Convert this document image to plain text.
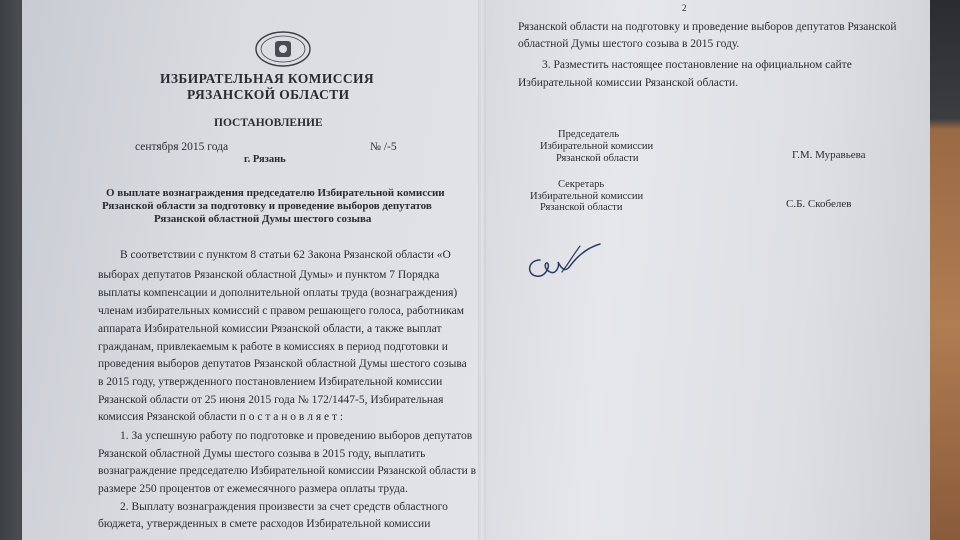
ИЗБИРАТЕЛЬНАЯ КОМИССИЯ
РЯЗАНСКОЙ ОБЛАСТИ
ПОСТАНОВЛЕНИЕ
сентября 2015 года	№ /-5
г. Рязань
О выплате вознаграждения председателю Избирательной комиссии
Рязанской области за подготовку и проведение выборов депутатов
Рязанской областной Думы шестого созыва
В соответствии с пунктом 8 статьи 62 Закона Рязанской области «О
выборах депутатов Рязанской областной Думы» и пунктом 7 Порядка
выплаты компенсации и дополнительной оплаты труда (вознаграждения)
членам избирательных комиссий с правом решающего голоса, работникам
аппарата Избирательной комиссии Рязанской области, а также выплат
гражданам, привлекаемым к работе в комиссиях в период подготовки и
проведения выборов депутатов Рязанской областной Думы шестого созыва
в 2015 году, утвержденного постановлением Избирательной комиссии
Рязанской области от 25 июня 2015 года № 172/1447-5, Избирательная
комиссия Рязанской области п о с т а н о в л я е т :
1. За успешную работу по подготовке и проведению выборов депутатов
Рязанской областной Думы шестого созыва в 2015 году, выплатить
вознаграждение председателю Избирательной комиссии Рязанской области в
размере 250 процентов от ежемесячного размера оплаты труда.
2. Выплату вознаграждения произвести за счет средств областного
бюджета, утвержденных в смете расходов Избирательной комиссии
2
Рязанской области на подготовку и проведение выборов депутатов Рязанской
областной Думы шестого созыва в 2015 году.
3. Разместить настоящее постановление на официальном сайте
Избирательной комиссии Рязанской области.
Председатель
Избирательной комиссии
Рязанской области	Г.М. Муравьева
Секретарь
Избирательной комиссии
Рязанской области	С.Б. Скобелев
